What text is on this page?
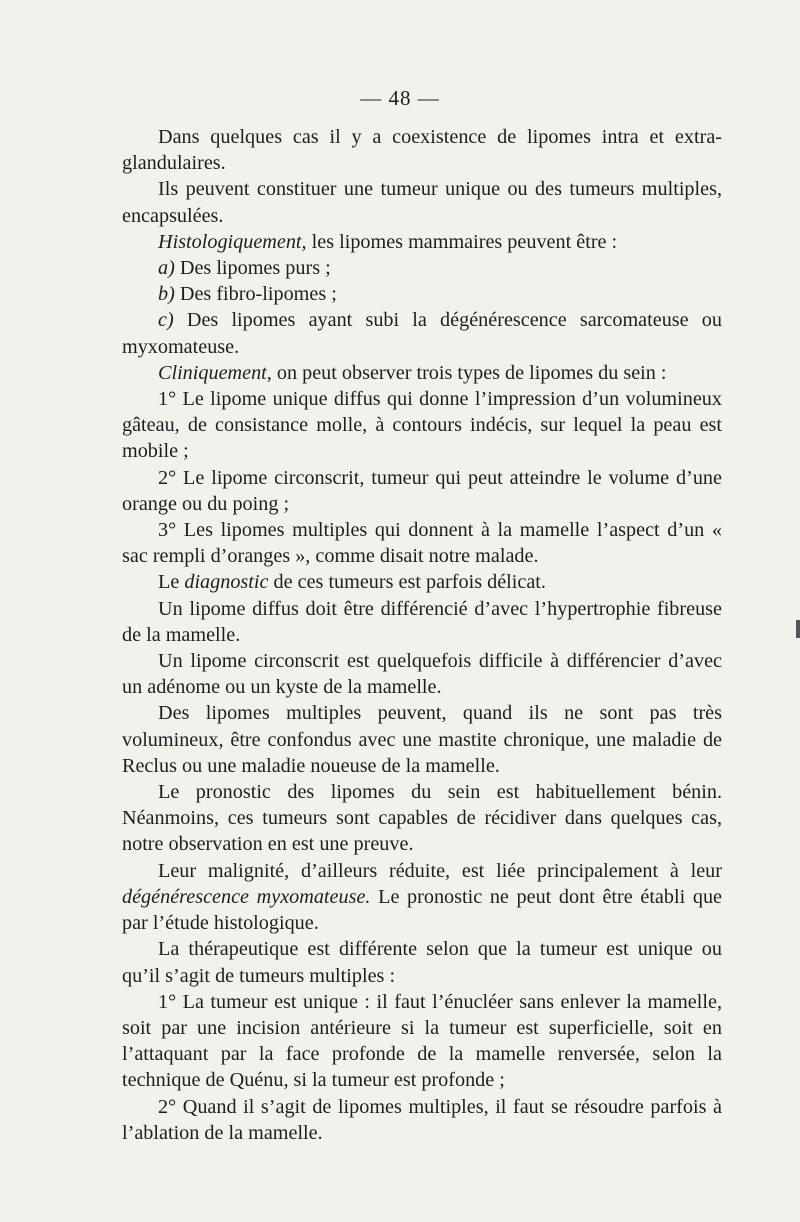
— 48 —

Dans quelques cas il y a coexistence de lipomes intra et extra-glandulaires.

Ils peuvent constituer une tumeur unique ou des tumeurs multiples, encapsulées.

Histologiquement, les lipomes mammaires peuvent être :

a) Des lipomes purs ;

b) Des fibro-lipomes ;

c) Des lipomes ayant subi la dégénérescence sarcomateuse ou myxomateuse.

Cliniquement, on peut observer trois types de lipomes du sein :

1° Le lipome unique diffus qui donne l’impression d’un volumineux gâteau, de consistance molle, à contours indécis, sur lequel la peau est mobile ;

2° Le lipome circonscrit, tumeur qui peut atteindre le volume d’une orange ou du poing ;

3° Les lipomes multiples qui donnent à la mamelle l’aspect d’un « sac rempli d’oranges », comme disait notre malade.

Le diagnostic de ces tumeurs est parfois délicat.

Un lipome diffus doit être différencié d’avec l’hypertrophie fibreuse de la mamelle.

Un lipome circonscrit est quelquefois difficile à différencier d’avec un adénome ou un kyste de la mamelle.

Des lipomes multiples peuvent, quand ils ne sont pas très volumineux, être confondus avec une mastite chronique, une maladie de Reclus ou une maladie noueuse de la mamelle.

Le pronostic des lipomes du sein est habituellement bénin. Néanmoins, ces tumeurs sont capables de récidiver dans quelques cas, notre observation en est une preuve.

Leur malignité, d’ailleurs réduite, est liée principalement à leur dégénérescence myxomateuse. Le pronostic ne peut dont être établi que par l’étude histologique.

La thérapeutique est différente selon que la tumeur est unique ou qu’il s’agit de tumeurs multiples :

1° La tumeur est unique : il faut l’énucléer sans enlever la mamelle, soit par une incision antérieure si la tumeur est superficielle, soit en l’attaquant par la face profonde de la mamelle renversée, selon la technique de Quénu, si la tumeur est profonde ;

2° Quand il s’agit de lipomes multiples, il faut se résoudre parfois à l’ablation de la mamelle.
